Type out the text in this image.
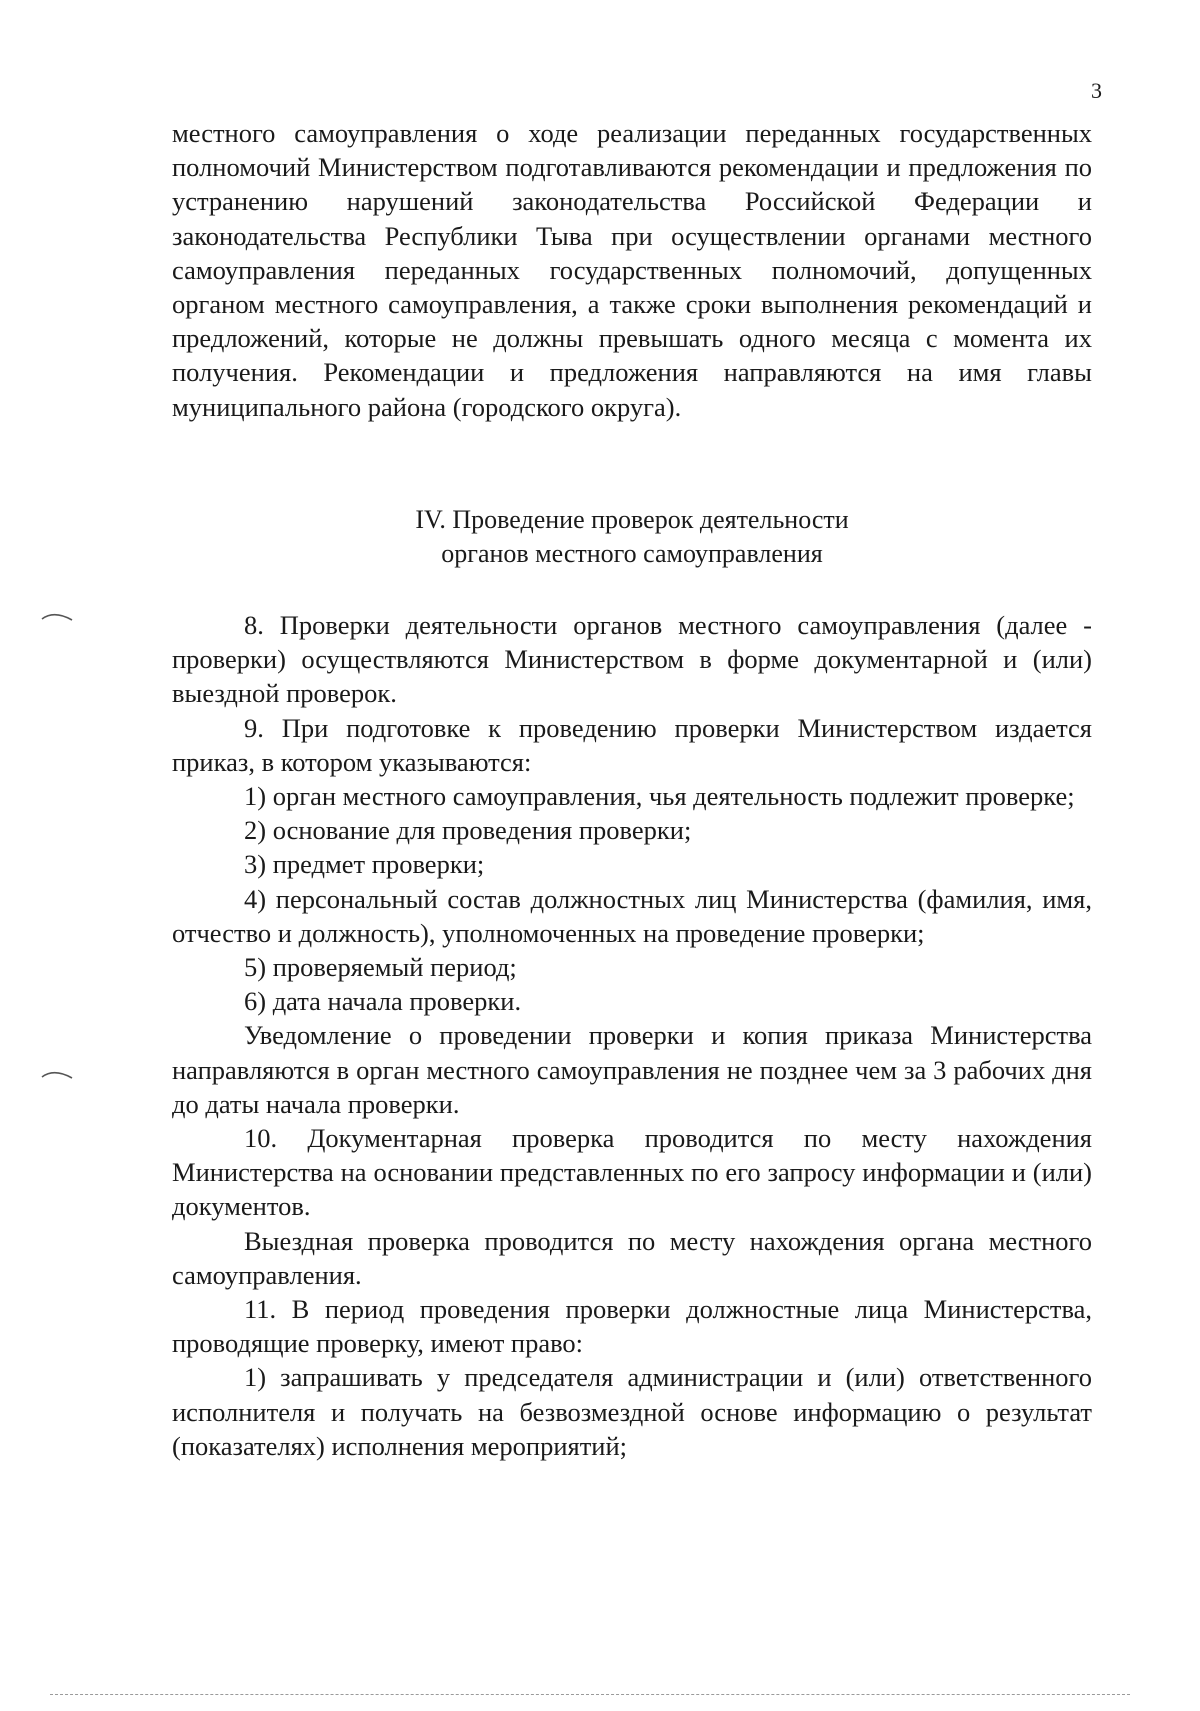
3

местного самоуправления о ходе реализации переданных государственных полномочий Министерством подготавливаются рекомендации и предложения по устранению нарушений законодательства Российской Федерации и законодательства Республики Тыва при осуществлении органами местного самоуправления переданных государственных полномочий, допущенных органом местного самоуправления, а также сроки выполнения рекомендаций и предложений, которые не должны превышать одного месяца с момента их получения. Рекомендации и предложения направляются на имя главы муниципального района (городского округа).

IV. Проведение проверок деятельности
органов местного самоуправления

8. Проверки деятельности органов местного самоуправления (далее - проверки) осуществляются Министерством в форме документарной и (или) выездной проверок.

9. При подготовке к проведению проверки Министерством издается приказ, в котором указываются:

1) орган местного самоуправления, чья деятельность подлежит проверке;

2) основание для проведения проверки;

3) предмет проверки;

4) персональный состав должностных лиц Министерства (фамилия, имя, отчество и должность), уполномоченных на проведение проверки;

5) проверяемый период;

6) дата начала проверки.

Уведомление о проведении проверки и копия приказа Министерства направляются в орган местного самоуправления не позднее чем за 3 рабочих дня до даты начала проверки.

10. Документарная проверка проводится по месту нахождения Министерства на основании представленных по его запросу информации и (или) документов.

Выездная проверка проводится по месту нахождения органа местного самоуправления.

11. В период проведения проверки должностные лица Министерства, проводящие проверку, имеют право:

1) запрашивать у председателя администрации и (или) ответственного исполнителя и получать на безвозмездной основе информацию о результат (показателях) исполнения мероприятий;
